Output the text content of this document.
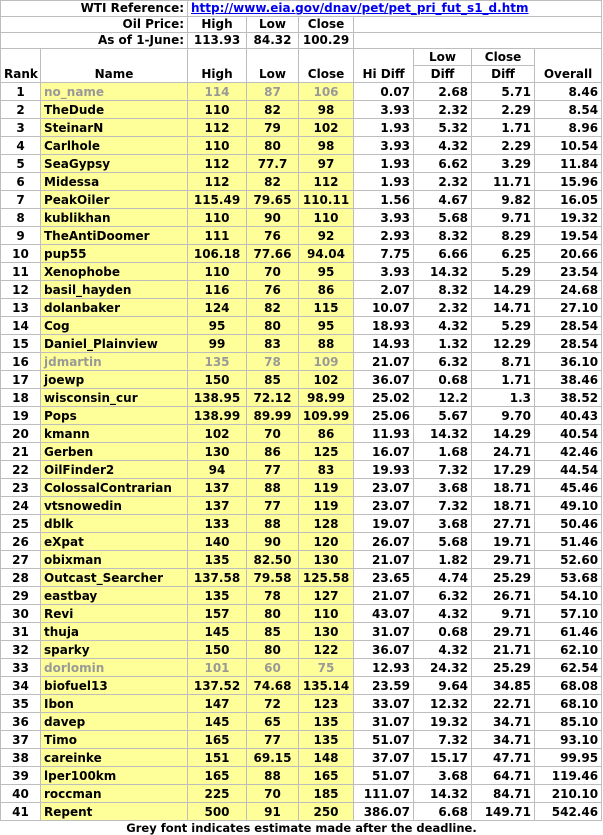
WTI Reference:		http://www.eia.gov/dnav/pet/pet_pri_fut_s1_d.htm						
Oil Price:		High	Low	Close				
As of 1-June:		113.93	84.32	100.29				
Rank	Name	High	Low	Close	Hi Diff	Low	Close	Overall
						Diff	Diff	
1	no_name	114	87	106	0.07	2.68	5.71	8.46
2	TheDude	110	82	98	3.93	2.32	2.29	8.54
3	SteinarN	112	79	102	1.93	5.32	1.71	8.96
4	Carlhole	110	80	98	3.93	4.32	2.29	10.54
5	SeaGypsy	112	77.7	97	1.93	6.62	3.29	11.84
6	Midessa	112	82	112	1.93	2.32	11.71	15.96
7	PeakOiler	115.49	79.65	110.11	1.56	4.67	9.82	16.05
8	kublikhan	110	90	110	3.93	5.68	9.71	19.32
9	TheAntiDoomer	111	76	92	2.93	8.32	8.29	19.54
10	pup55	106.18	77.66	94.04	7.75	6.66	6.25	20.66
11	Xenophobe	110	70	95	3.93	14.32	5.29	23.54
12	basil_hayden	116	76	86	2.07	8.32	14.29	24.68
13	dolanbaker	124	82	115	10.07	2.32	14.71	27.10
14	Cog	95	80	95	18.93	4.32	5.29	28.54
15	Daniel_Plainview	99	83	88	14.93	1.32	12.29	28.54
16	jdmartin	135	78	109	21.07	6.32	8.71	36.10
17	joewp	150	85	102	36.07	0.68	1.71	38.46
18	wisconsin_cur	138.95	72.12	98.99	25.02	12.2	1.3	38.52
19	Pops	138.99	89.99	109.99	25.06	5.67	9.70	40.43
20	kmann	102	70	86	11.93	14.32	14.29	40.54
21	Gerben	130	86	125	16.07	1.68	24.71	42.46
22	OilFinder2	94	77	83	19.93	7.32	17.29	44.54
23	ColossalContrarian	137	88	119	23.07	3.68	18.71	45.46
24	vtsnowedin	137	77	119	23.07	7.32	18.71	49.10
25	dblk	133	88	128	19.07	3.68	27.71	50.46
26	eXpat	140	90	120	26.07	5.68	19.71	51.46
27	obixman	135	82.50	130	21.07	1.82	29.71	52.60
28	Outcast_Searcher	137.58	79.58	125.58	23.65	4.74	25.29	53.68
29	eastbay	135	78	127	21.07	6.32	26.71	54.10
30	Revi	157	80	110	43.07	4.32	9.71	57.10
31	thuja	145	85	130	31.07	0.68	29.71	61.46
32	sparky	150	80	122	36.07	4.32	21.71	62.10
33	dorlomin	101	60	75	12.93	24.32	25.29	62.54
34	biofuel13	137.52	74.68	135.14	23.59	9.64	34.85	68.08
35	Ibon	147	72	123	33.07	12.32	22.71	68.10
36	davep	145	65	135	31.07	19.32	34.71	85.10
37	Timo	165	77	135	51.07	7.32	34.71	93.10
38	careinke	151	69.15	148	37.07	15.17	47.71	99.95
39	lper100km	165	88	165	51.07	3.68	64.71	119.46
40	roccman	225	70	185	111.07	14.32	84.71	210.10
41	Repent	500	91	250	386.07	6.68	149.71	542.46
Grey font indicates estimate made after the deadline.
